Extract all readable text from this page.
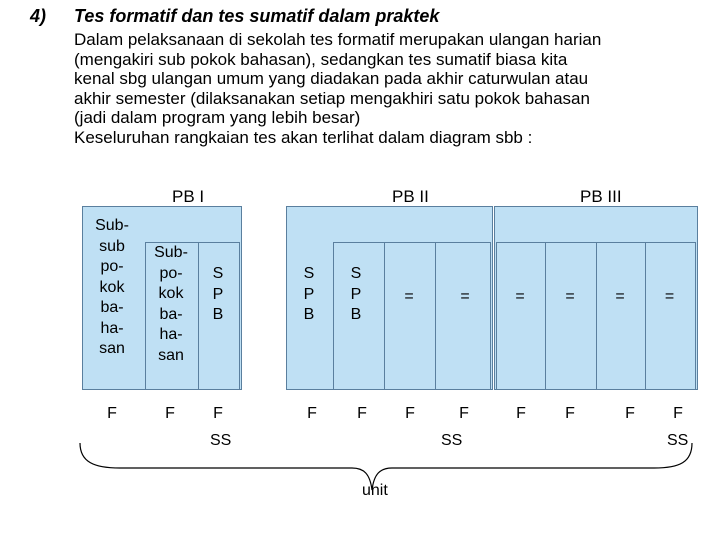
4) Tes formatif dan tes sumatif dalam praktek
Dalam pelaksanaan di sekolah tes formatif merupakan ulangan harian
(mengakiri sub pokok bahasan), sedangkan tes sumatif biasa kita
kenal sbg ulangan umum yang diadakan pada akhir caturwulan atau
akhir semester (dilaksanakan setiap mengakhiri satu pokok bahasan
(jadi dalam program yang lebih besar)
Keseluruhan rangkaian tes akan terlihat dalam diagram sbb :
PB I	PB II	PB III
Sub-
sub
po-
kok
ba-
ha-
san
Sub-
po-
kok
ba-
ha-
san
S
P
B
S
P
B
S
P
B
=	=	=	=	=	=
F	F	F	F	F	F	F	F	F	F	F
SS	SS	SS
unit
